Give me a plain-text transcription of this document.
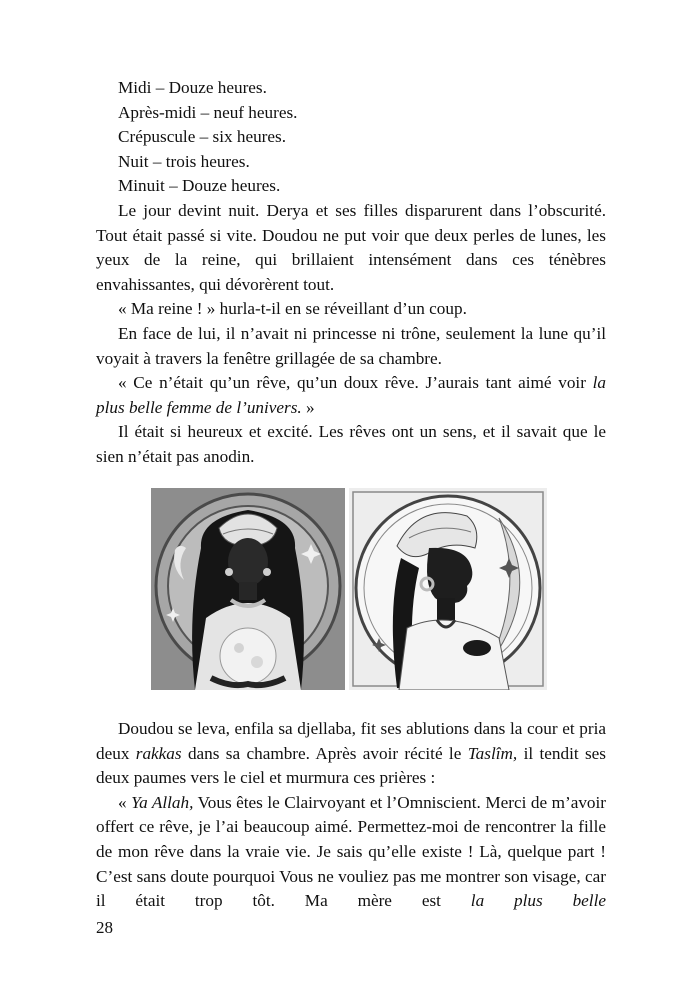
Midi – Douze heures.

Après-midi – neuf heures.

Crépuscule – six heures.

Nuit – trois heures.

Minuit – Douze heures.

Le jour devint nuit. Derya et ses filles disparurent dans l’obscurité. Tout était passé si vite. Doudou ne put voir que deux perles de lunes, les yeux de la reine, qui brillaient intensément dans ces ténèbres envahissantes, qui dévorèrent tout.

« Ma reine ! » hurla-t-il en se réveillant d’un coup.

En face de lui, il n’avait ni princesse ni trône, seulement la lune qu’il voyait à travers la fenêtre grillagée de sa chambre.

« Ce n’était qu’un rêve, qu’un doux rêve. J’aurais tant aimé voir la plus belle femme de l’univers. »

Il était si heureux et excité. Les rêves ont un sens, et il savait que le sien n’était pas anodin.

Doudou se leva, enfila sa djellaba, fit ses ablutions dans la cour et pria deux rakkas dans sa chambre. Après avoir récité le Taslîm, il tendit ses deux paumes vers le ciel et murmura ces prières :

« Ya Allah, Vous êtes le Clairvoyant et l’Omniscient. Merci de m’avoir offert ce rêve, je l’ai beaucoup aimé. Permettez-moi de rencontrer la fille de mon rêve dans la vraie vie. Je sais qu’elle existe ! Là, quelque part ! C’est sans doute pourquoi Vous ne vouliez pas me montrer son visage, car il était trop tôt. Ma mère est la plus belle

28
